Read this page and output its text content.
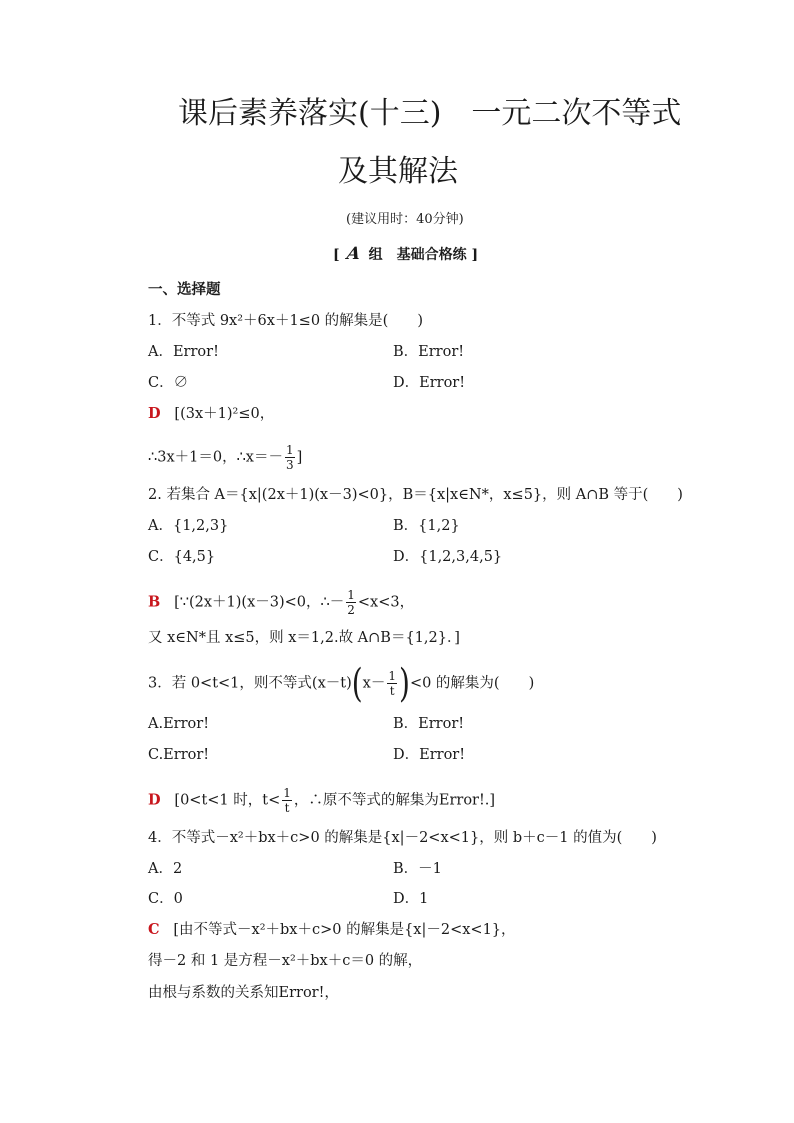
课后素养落实(十三)　一元二次不等式
及其解法
(建议用时：40分钟)
[ A 组　基础合格练 ]
一、选择题
1．不等式 9x²＋6x＋1≤0 的解集是(　　)
A．Error!	B．Error!
C．∅	D．Error!
D [(3x＋1)²≤0，
∴3x＋1＝0，∴x＝－ $\frac{1}{3}$ ]
2. 若集合 A＝{x|(2x＋1)(x－3)<0}，B＝{x|x∈N*，x≤5}，则 A∩B 等于(　　)
A．{1,2,3}	B．{1,2}
C．{4,5}	D．{1,2,3,4,5}
B [∵(2x＋1)(x－3)<0，∴－ $\frac{1}{2} <x<3$，
又 x∈N*且 x≤5，则 x＝1,2.故 A∩B＝{1,2}．]
3．若 0<t<1，则不等式$(x-t)(x- \frac{1}{t} )<0$ 的解集为(　　)
A.Error!	B．Error!
C.Error!	D．Error!
D [0<t<1 时，$t< \frac{1}{t}$ ，∴原不等式的解集为Error!.]
4．不等式－x²＋bx＋c>0 的解集是{x|－2<x<1}，则 b＋c－1 的值为(　　)
A．2	B．－1
C．0	D．1
C [由不等式－x²＋bx＋c>0 的解集是{x|－2<x<1}，
得－2 和 1 是方程－x²＋bx＋c＝0 的解，
由根与系数的关系知Error!，
